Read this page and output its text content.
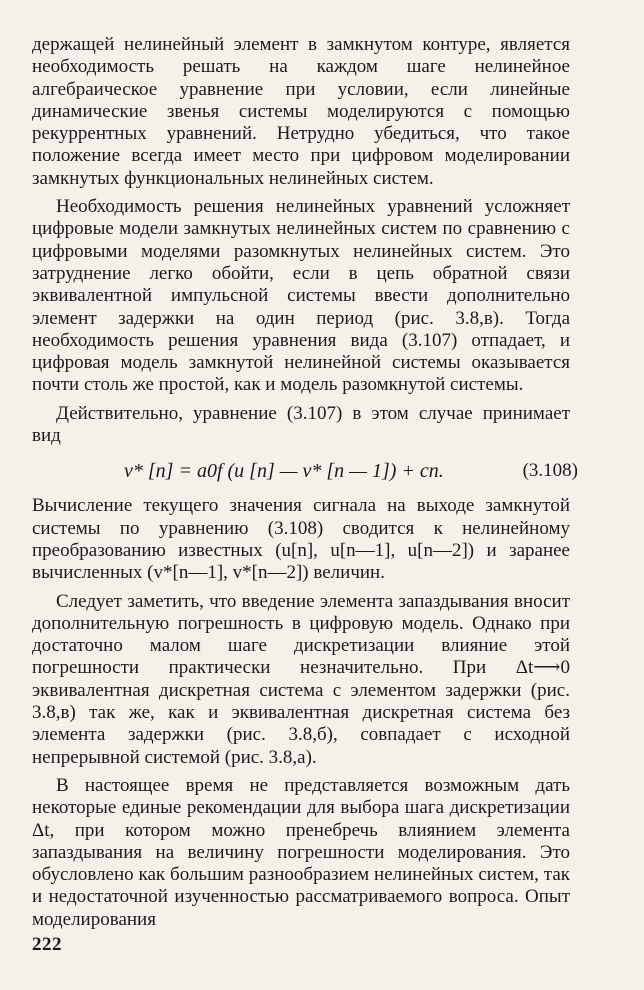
держащей нелинейный элемент в замкнутом контуре, является необходимость решать на каждом шаге нелинейное алгебраическое уравнение при условии, если линейные динамические звенья системы моделируются с помощью рекуррентных уравнений. Нетрудно убедиться, что такое положение всегда имеет место при цифровом моделировании замкнутых функциональных нелинейных систем.

Необходимость решения нелинейных уравнений усложняет цифровые модели замкнутых нелинейных систем по сравнению с цифровыми моделями разомкнутых нелинейных систем. Это затруднение легко обойти, если в цепь обратной связи эквивалентной импульсной системы ввести дополнительно элемент задержки на один период (рис. 3.8,в). Тогда необходимость решения уравнения вида (3.107) отпадает, и цифровая модель замкнутой нелинейной системы оказывается почти столь же простой, как и модель разомкнутой системы.

Действительно, уравнение (3.107) в этом случае принимает вид

v* [n] = a0f (u [n] — v* [n — 1]) + cn.	(3.108)

Вычисление текущего значения сигнала на выходе замкнутой системы по уравнению (3.108) сводится к нелинейному преобразованию известных (u[n], u[n—1], u[n—2]) и заранее вычисленных (v*[n—1], v*[n—2]) величин.

Следует заметить, что введение элемента запаздывания вносит дополнительную погрешность в цифровую модель. Однако при достаточно малом шаге дискретизации влияние этой погрешности практически незначительно. При Δt⟶0 эквивалентная дискретная система с элементом задержки (рис. 3.8,в) так же, как и эквивалентная дискретная система без элемента задержки (рис. 3.8,б), совпадает с исходной непрерывной системой (рис. 3.8,а).

В настоящее время не представляется возможным дать некоторые единые рекомендации для выбора шага дискретизации Δt, при котором можно пренебречь влиянием элемента запаздывания на величину погрешности моделирования. Это обусловлено как большим разнообразием нелинейных систем, так и недостаточной изученностью рассматриваемого вопроса. Опыт моделирования

222
